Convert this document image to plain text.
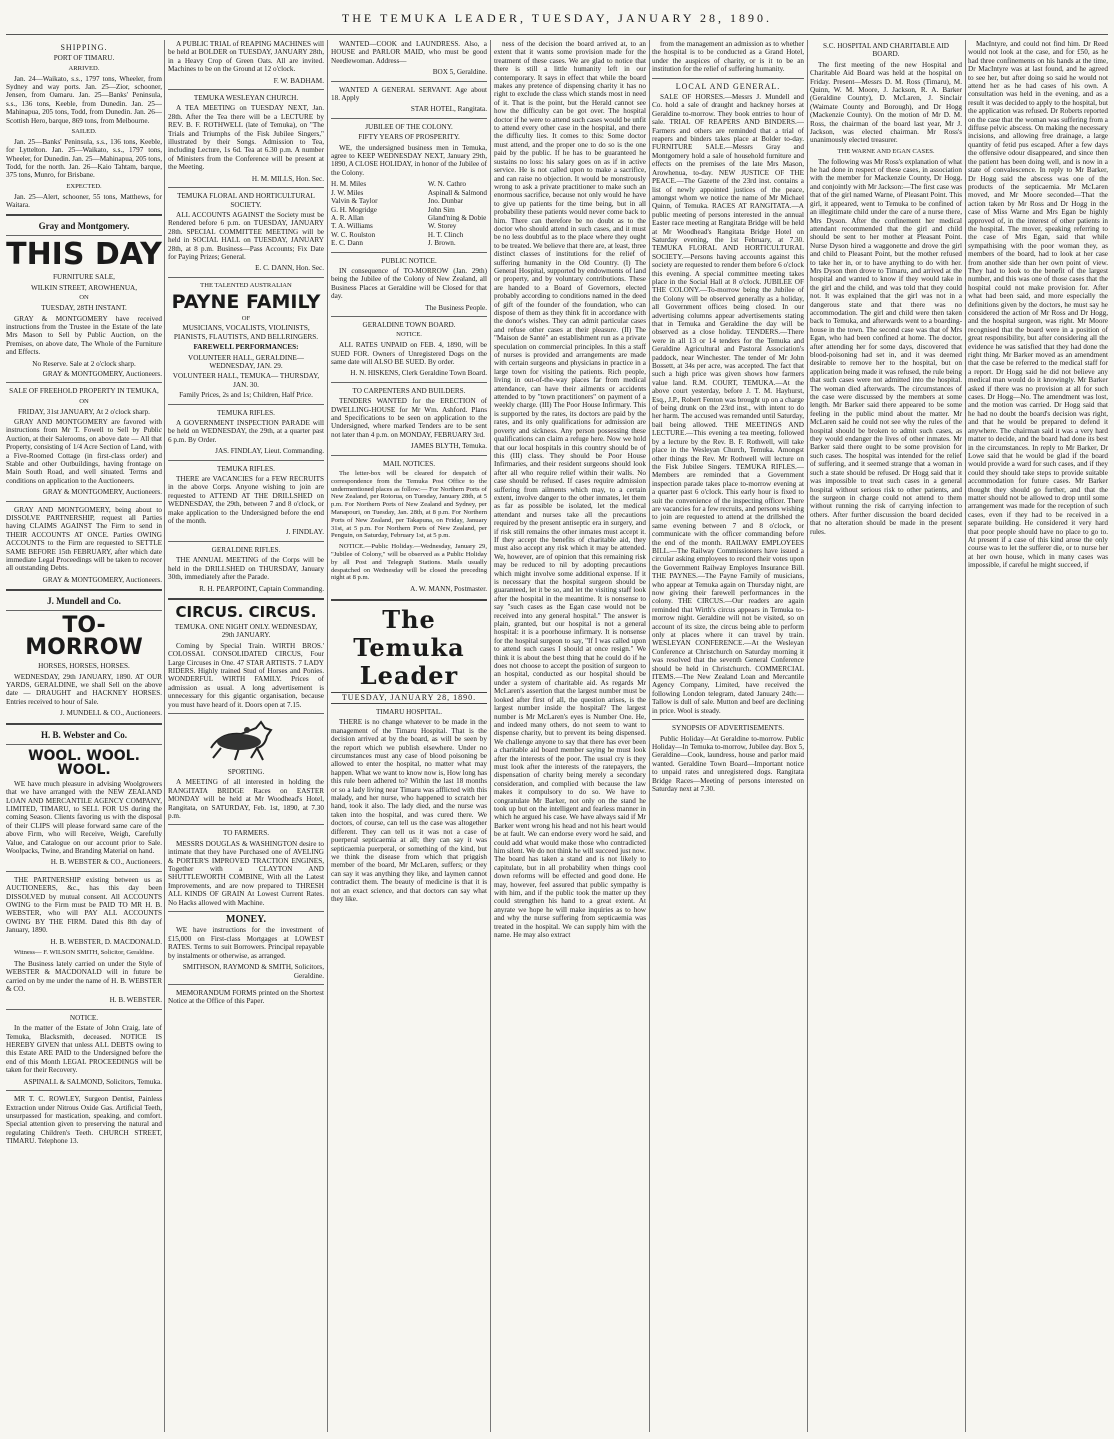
THE TEMUKA LEADER, TUESDAY, JANUARY 28, 1890.
SHIPPING.
PORT OF TIMARU.
ARRIVED.

Jan. 24—Waikato, s.s., 1797 tons, Wheeler, from Sydney and way ports. Jan. 25—Zior, schooner, Jensen, from Oamaru. Jan. 25—Banks' Peninsula, s.s., 136 tons, Keeble, from Dunedin. Jan. 25—Mahinapua, 205 tons, Todd, from Dunedin. Jan. 26—Scottish Hero, barque, 869 tons, from Melbourne.

SAILED.

Jan. 25—Banks' Peninsula, s.s., 136 tons, Keeble, for Lyttelton. Jan. 25—Waikato, s.s., 1797 tons, Wheeler, for Dunedin. Jan. 25—Mahinapua, 205 tons, Todd, for the north. Jan. 26—Kaio Tahtam, barque, 375 tons, Munro, for Brisbane.

EXPECTED.

Jan. 25—Alert, schooner, 55 tons, Matthews, for Waitara.

Gray and Montgomery.
THIS DAY
FURNITURE SALE,
WILKIN STREET, AROWHENUA,
ON
TUESDAY, 28TH INSTANT.

GRAY & MONTGOMERY have received instructions from the Trustee in the Estate of the late Mrs Mason to Sell by Public Auction, on the Premises, on above date, The Whole of the Furniture and Effects.

No Reserve. Sale at 2 o'clock sharp.
GRAY & MONTGOMERY, Auctioneers.
SALE OF FREEHOLD PROPERTY IN TEMUKA,
ON
FRIDAY, 31st JANUARY, At 2 o'clock sharp.

GRAY AND MONTGOMERY are favored with instructions from Mr T. Fowell to Sell by Public Auction, at their Salerooms, on above date — All that Property, consisting of 1/4 Acre Section of Land, with a Five-Roomed Cottage (in first-class order) and Stable and other Outbuildings, having frontage on Main South Road, and well situated. Terms and conditions on application to the Auctioneers.

GRAY & MONTGOMERY, Auctioneers.

GRAY AND MONTGOMERY, being about to DISSOLVE PARTNERSHIP, request all Parties having CLAIMS AGAINST The Firm to send in THEIR ACCOUNTS AT ONCE. Parties OWING ACCOUNTS to the Firm are requested to SETTLE SAME BEFORE 15th FEBRUARY, after which date immediate Legal Proceedings will be taken to recover all outstanding Debts.

GRAY & MONTGOMERY, Auctioneers.
J. Mundell and Co.
TO-MORROW
HORSES, HORSES, HORSES.

WEDNESDAY, 29th JANUARY, 1890. AT OUR YARDS, GERALDINE, we shall Sell on the above date — DRAUGHT and HACKNEY HORSES. Entries received to hour of Sale.

J. MUNDELL & CO., Auctioneers.
H. B. Webster and Co.
WOOL. WOOL. WOOL.

WE have much pleasure in advising Woolgrowers that we have arranged with the NEW ZEALAND LOAN AND MERCANTILE AGENCY COMPANY, LIMITED, TIMARU, to SELL FOR US during the coming Season. Clients favoring us with the disposal of their CLIPS will please forward same care of the above Firm, who will Receive, Weigh, Carefully Value, and Catalogue on our account prior to Sale. Woolpacks, Twine, and Branding Material on hand.

H. B. WEBSTER & CO., Auctioneers.

THE PARTNERSHIP existing between us as AUCTIONEERS, &c., has this day been DISSOLVED by mutual consent. All ACCOUNTS OWING to the Firm must be PAID TO MR H. B. WEBSTER, who will PAY ALL ACCOUNTS OWING BY THE FIRM. Dated this 8th day of January, 1890.

H. B. WEBSTER, D. MACDONALD.

Witness— F. WILSON SMITH, Solicitor, Geraldine.

The Business lately carried on under the Style of WEBSTER & MACDONALD will in future be carried on by me under the name of H. B. WEBSTER & CO.

H. B. WEBSTER.
NOTICE.

In the matter of the Estate of John Craig, late of Temuka, Blacksmith, deceased. NOTICE IS HEREBY GIVEN that unless ALL DEBTS owing to this Estate ARE PAID to the Undersigned before the end of this Month LEGAL PROCEEDINGS will be taken for their Recovery.

ASPINALL & SALMOND, Solicitors, Temuka.

MR T. C. ROWLEY, Surgeon Dentist, Painless Extraction under Nitrous Oxide Gas. Artificial Teeth, unsurpassed for mastication, speaking, and comfort. Special attention given to preserving the natural and regulating Children's Teeth. CHURCH STREET, TIMARU. Telephone 13.

A PUBLIC TRIAL of REAPING MACHINES will be held at BOLDER on TUESDAY, JANUARY 28th, in a Heavy Crop of Green Oats. All are invited. Machines to be on the Ground at 12 o'clock.

F. W. BADHAM.
TEMUKA WESLEYAN CHURCH.

A TEA MEETING on TUESDAY NEXT, Jan. 28th. After the Tea there will be a LECTURE by REV. B. F. ROTHWELL (late of Temuka), on "The Trials and Triumphs of the Fisk Jubilee Singers," illustrated by their Songs. Admission to Tea, including Lecture, 1s 6d. Tea at 6.30 p.m. A number of Ministers from the Conference will be present at the Meeting.

H. M. MILLS, Hon. Sec.
TEMUKA FLORAL AND HORTICULTURAL SOCIETY.

ALL ACCOUNTS AGAINST the Society must be Rendered before 6 p.m. on TUESDAY, JANUARY 28th. SPECIAL COMMITTEE MEETING will be held in SOCIAL HALL on TUESDAY, JANUARY 28th, at 8 p.m. Business—Pass Accounts; Fix Date for Paying Prizes; General.

E. C. DANN, Hon. Sec.
THE TALENTED AUSTRALIAN
PAYNE FAMILY
OF
MUSICIANS, VOCALISTS, VIOLINISTS, PIANISTS, FLAUTISTS, AND BELLRINGERS.
FAREWELL PERFORMANCES:
VOLUNTEER HALL, GERALDINE— WEDNESDAY, JAN. 29.
VOLUNTEER HALL, TEMUKA— THURSDAY, JAN. 30.
Family Prices, 2s and 1s; Children, Half Price.
TEMUKA RIFLES.

A GOVERNMENT INSPECTION PARADE will be held on WEDNESDAY, the 29th, at a quarter past 6 p.m. By Order.

JAS. FINDLAY, Lieut. Commanding.
TEMUKA RIFLES.

THERE are VACANCIES for a FEW RECRUITS in the above Corps. Anyone wishing to join are requested to ATTEND AT THE DRILLSHED on WEDNESDAY, the 29th, between 7 and 8 o'clock, or make application to the Undersigned before the end of the month.

J. FINDLAY.
GERALDINE RIFLES.

THE ANNUAL MEETING of the Corps will be held in the DRILLSHED on THURSDAY, January 30th, immediately after the Parade.

R. H. PEARPOINT, Captain Commanding.
CIRCUS. CIRCUS.
TEMUKA. ONE NIGHT ONLY. WEDNESDAY, 29th JANUARY.

Coming by Special Train. WIRTH BROS.' COLOSSAL CONSOLIDATED CIRCUS, Four Large Circuses in One. 47 STAR ARTISTS. 7 LADY RIDERS. Highly trained Stud of Horses and Ponies. WONDERFUL WIRTH FAMILY. Prices of admission as usual. A long advertisement is unnecessary for this gigantic organisation, because you must have heard of it. Doors open at 7.15.

SPORTING.

A MEETING of all interested in holding the RANGITATA BRIDGE Races on EASTER MONDAY will be held at Mr Woodhead's Hotel, Rangitata, on SATURDAY, Feb. 1st, 1890, at 7.30 p.m.

TO FARMERS.

MESSRS DOUGLAS & WASHINGTON desire to intimate that they have Purchased one of AVELING & PORTER'S IMPROVED TRACTION ENGINES, Together with a CLAYTON AND SHUTTLEWORTH COMBINE, With all the Latest Improvements, and are now prepared to THRESH ALL KINDS OF GRAIN At Lowest Current Rates. No Hacks allowed with Machine.

MONEY.

WE have instructions for the investment of £15,000 on First-class Mortgages at LOWEST RATES. Terms to suit Borrowers. Principal repayable by instalments or otherwise, as arranged.

SMITHSON, RAYMOND & SMITH, Solicitors, Geraldine.

MEMORANDUM FORMS printed on the Shortest Notice at the Office of this Paper.

WANTED—COOK and LAUNDRESS. Also, a HOUSE and PARLOR MAID, who must be good Needlewoman. Address—

BOX 5, Geraldine.

WANTED A GENERAL SERVANT. Age about 18. Apply

STAR HOTEL, Rangitata.
JUBILEE OF THE COLONY.
FIFTY YEARS OF PROSPERITY.

WE, the undersigned business men in Temuka, agree to KEEP WEDNESDAY NEXT, January 29th, 1890, A CLOSE HOLIDAY, in honor of the Jubilee of the Colony.

H. M. Miles
J. W. Miles
Valvin & Taylor
G. H. Mogridge
A. R. Allan
T. A. Williams
W. C. Roulston
E. C. Dann
W. N. Cathro
Aspinall & Salmond
Jno. Dunbar
John Sim
Gland'ning & Dobie
W. Storey
H. T. Clinch
J. Brown.
PUBLIC NOTICE.

IN consequence of TO-MORROW (Jan. 29th) being the Jubilee of the Colony of New Zealand, all Business Places at Geraldine will be Closed for that day.

The Business People.
GERALDINE TOWN BOARD.
NOTICE.

ALL RATES UNPAID on FEB. 4, 1890, will be SUED FOR. Owners of Unregistered Dogs on the same date will ALSO BE SUED. By order.

H. N. HISKENS, Clerk Geraldine Town Board.
TO CARPENTERS AND BUILDERS.

TENDERS WANTED for the ERECTION of DWELLING-HOUSE for Mr Wm. Ashford. Plans and Specifications to be seen on application to the Undersigned, where marked Tenders are to be sent not later than 4 p.m. on MONDAY, FEBRUARY 3rd.

JAMES BLYTH, Temuka.
MAIL NOTICES.

The letter-box will be cleared for despatch of correspondence from the Temuka Post Office to the undermentioned places as follow:— For Northern Ports of New Zealand, per Rotorua, on Tuesday, January 28th, at 5 p.m. For Northern Ports of New Zealand and Sydney, per Manapouri, on Tuesday, Jan. 28th, at 8 p.m. For Northern Ports of New Zealand, per Takapuna, on Friday, January 31st, at 5 p.m. For Northern Ports of New Zealand, per Penguin, on Saturday, February 1st, at 5 p.m.

NOTICE.—Public Holiday.—Wednesday, January 29, "Jubilee of Colony," will be observed as a Public Holiday by all Post and Telegraph Stations. Mails usually despatched on Wednesday will be closed the preceding night at 8 p.m.

A. W. MANN, Postmaster.
The Temuka Leader
TUESDAY, JANUARY 28, 1890.
TIMARU HOSPITAL.

THERE is no change whatever to be made in the management of the Timaru Hospital. That is the decision arrived at by the board, as will be seen by the report which we publish elsewhere. Under no circumstances must any case of blood poisoning be allowed to enter the hospital, no matter what may happen. What we want to know now is, How long has this rule been adhered to? Within the last 18 months or so a lady living near Timaru was afflicted with this malady, and her nurse, who happened to scratch her hand, took it also. The lady died, and the nurse was taken into the hospital, and was cured there. We doctors, of course, can tell us the case was altogether different. They can tell us it was not a case of puerperal septicaemia at all; they can say it was septicaemia puerperal, or something of the kind, but we think the disease from which that priggish member of the board, Mr McLaren, suffers; or they can say it was anything they like, and laymen cannot contradict them. The beauty of medicine is that it is not an exact science, and that doctors can say what they like.

ness of the decision the board arrived at, to an extent that it wants some provision made for the treatment of these cases. We are glad to notice that there is still a little humanity left in our contemporary. It says in effect that while the board makes any pretence of dispensing charity it has no right to exclude the class which stands most in need of it. That is the point, but the Herald cannot see how the difficulty can be got over. The hospital doctor if he were to attend such cases would be unfit to attend every other case in the hospital, and there the difficulty lies. It comes to this: Some doctor must attend, and the proper one to do so is the one paid by the public. If he has to be guaranteed he sustains no loss: his salary goes on as if in active service. He is not called upon to make a sacrifice, and can raise no objection. It would be monstrously wrong to ask a private practitioner to make such an enormous sacrifice, because not only would he have to give up patients for the time being, but in all probability these patients would never come back to him. There can therefore be no doubt as to the doctor who should attend in such cases, and it must be no less doubtful as to the place where they ought to be treated. We believe that there are, at least, three distinct classes of institutions for the relief of suffering humanity in the Old Country. (I) The General Hospital, supported by endowments of land or property, and by voluntary contributions. These are handed to a Board of Governors, elected probably according to conditions named in the deed of gift of the founder of the foundation, who can dispose of them as they think fit in accordance with the donor's wishes. They can admit particular cases and refuse other cases at their pleasure. (II) The "Maison de Santé" an establishment run as a private speculation on commercial principles. In this a staff of nurses is provided and arrangements are made with certain surgeons and physicians in practice in a large town for visiting the patients. Rich people, living in out-of-the-way places far from medical attendance, can have their ailments or accidents attended to by "town practitioners" on payment of a weekly charge. (III) The Poor House Infirmary. This is supported by the rates, its doctors are paid by the rates, and its only qualifications for admission are poverty and sickness. Any person possessing these qualifications can claim a refuge here. Now we hold that our local hospitals in this country should be of this (III) class. They should be Poor House Infirmaries, and their resident surgeons should look after all who require relief within their walls. No case should be refused. If cases require admission suffering from ailments which may, to a certain extent, involve danger to the other inmates, let them as far as possible be isolated, let the medical attendant and nurses take all the precautions required by the present antiseptic era in surgery, and if risk still remains the other inmates must accept it. If they accept the benefits of charitable aid, they must also accept any risk which it may be attended. We, however, are of opinion that this remaining risk may be reduced to nil by adopting precautions which might involve some additional expense. If it is necessary that the hospital surgeon should be guaranteed, let it be so, and let the visiting staff look after the hospital in the meantime. It is nonsense to say "such cases as the Egan case would not be received into any general hospital." The answer is plain, granted, but our hospital is not a general hospital: it is a poorhouse infirmary. It is nonsense for the hospital surgeon to say, "If I was called upon to attend such cases I should at once resign." We think it is about the best thing that he could do if he does not choose to accept the position of surgeon to an hospital, conducted as our hospital should be under a system of charitable aid. As regards Mr McLaren's assertion that the largest number must be looked after first of all, the question arises, is the largest number inside the hospital? The largest number is Mr McLaren's eyes is Number One. He, and indeed many others, do not seem to want to dispense charity, but to prevent its being dispensed. We challenge anyone to say that there has ever been a charitable aid board member saying he must look after the interests of the poor. The usual cry is they must look after the interests of the ratepayers, the dispensation of charity being merely a secondary consideration, and complied with because the law makes it compulsory to do so. We have to congratulate Mr Barker, not only on the stand he took up but on the intelligent and fearless manner in which he argued his case. We have always said if Mr Barker went wrong his head and not his heart would be at fault. We can endorse every word he said, and could add what would make those who contradicted him silent. We do not think he will succeed just now. The board has taken a stand and is not likely to capitulate, but in all probability when things cool down reforms will be effected and good done. He may, however, feel assured that public sympathy is with him, and if the public took the matter up they could strengthen his hand to a great extent. At anyrate we hope he will make inquiries as to how and why the nurse suffering from septicaemia was treated in the hospital. We can supply him with the name. He may also extract

from the management an admission as to whether the hospital is to be conducted as a Grand Hotel, under the auspices of charity, or is it to be an institution for the relief of suffering humanity.

LOCAL AND GENERAL.

SALE OF HORSES.—Messrs J. Mundell and Co. hold a sale of draught and hackney horses at Geraldine to-morrow. They book entries to hour of sale. TRIAL OF REAPERS AND BINDERS.—Farmers and others are reminded that a trial of reapers and binders takes place at Bolder to-day. FURNITURE SALE.—Messrs Gray and Montgomery hold a sale of household furniture and effects on the premises of the late Mrs Mason, Arowhenua, to-day. NEW JUSTICE OF THE PEACE.—The Gazette of the 23rd inst. contains a list of newly appointed justices of the peace, amongst whom we notice the name of Mr Michael Quinn, of Temuka. RACES AT RANGITATA.—A public meeting of persons interested in the annual Easter race meeting at Rangitata Bridge will be held at Mr Woodhead's Rangitata Bridge Hotel on Saturday evening, the 1st February, at 7.30. TEMUKA FLORAL AND HORTICULTURAL SOCIETY.—Persons having accounts against this society are requested to render them before 6 o'clock this evening. A special committee meeting takes place in the Social Hall at 8 o'clock. JUBILEE OF THE COLONY.—To-morrow being the Jubilee of the Colony will be observed generally as a holiday, all Government offices being closed. In our advertising columns appear advertisements stating that in Temuka and Geraldine the day will be observed as a close holiday. TENDERS.—There were in all 13 or 14 tenders for the Temuka and Geraldine Agricultural and Pastoral Association's paddock, near Winchester. The tender of Mr John Bossett, at 34s per acre, was accepted. The fact that such a high price was given shows how farmers value land. R.M. COURT, TEMUKA.—At the above court yesterday, before J. T. M. Hayhurst, Esq., J.P., Robert Fenton was brought up on a charge of being drunk on the 23rd inst., with intent to do her harm. The accused was remanded until Saturday, bail being allowed. THE MEETINGS AND LECTURE.—This evening a tea meeting, followed by a lecture by the Rev. B. F. Rothwell, will take place in the Wesleyan Church, Temuka. Amongst other things the Rev. Mr Rothwell will lecture on the Fisk Jubilee Singers. TEMUKA RIFLES.—Members are reminded that a Government inspection parade takes place to-morrow evening at a quarter past 6 o'clock. This early hour is fixed to suit the convenience of the inspecting officer. There are vacancies for a few recruits, and persons wishing to join are requested to attend at the drillshed the same evening between 7 and 8 o'clock, or communicate with the officer commanding before the end of the month. RAILWAY EMPLOYEES BILL.—The Railway Commissioners have issued a circular asking employees to record their votes upon the Government Railway Employes Insurance Bill. THE PAYNES.—The Payne Family of musicians, who appear at Temuka again on Thursday night, are now giving their farewell performances in the colony. THE CIRCUS.—Our readers are again reminded that Wirth's circus appears in Temuka to-morrow night. Geraldine will not be visited, so on account of its size, the circus being able to perform only at places where it can travel by train. WESLEYAN CONFERENCE.—At the Wesleyan Conference at Christchurch on Saturday morning it was resolved that the seventh General Conference should be held in Christchurch. COMMERCIAL ITEMS.—The New Zealand Loan and Mercantile Agency Company, Limited, have received the following London telegram, dated January 24th:—Tallow is dull of sale. Mutton and beef are declining in price. Wool is steady.

SYNOPSIS OF ADVERTISEMENTS.

Public Holiday—At Geraldine to-morrow. Public Holiday—In Temuka to-morrow, Jubilee day. Box 5, Geraldine—Cook, laundress, house and parlor maid wanted. Geraldine Town Board—Important notice to unpaid rates and unregistered dogs. Rangitata Bridge Races—Meeting of persons interested on Saturday next at 7.30.

S.C. HOSPITAL AND CHARITABLE AID BOARD.

The first meeting of the new Hospital and Charitable Aid Board was held at the hospital on Friday. Present—Messrs D. M. Ross (Timaru), M. Quinn, W. M. Moore, J. Jackson, R. A. Barker (Geraldine County), D. McLaren, J. Sinclair (Waimate County and Borough), and Dr Hogg (Mackenzie County). On the motion of Mr D. M. Ross, the chairman of the board last year, Mr J. Jackson, was elected chairman. Mr Ross's unanimously elected treasurer.

THE WARNE AND EGAN CASES.

The following was Mr Ross's explanation of what he had done in respect of these cases, in association with the member for Mackenzie County, Dr Hogg, and conjointly with Mr Jackson:—The first case was that of the girl named Warne, of Pleasant Point. This girl, it appeared, went to Temuka to be confined of an illegitimate child under the care of a nurse there, Mrs Dyson. After the confinement her medical attendant recommended that the girl and child should be sent to her mother at Pleasant Point. Nurse Dyson hired a waggonette and drove the girl and child to Pleasant Point, but the mother refused to take her in, or to have anything to do with her. Mrs Dyson then drove to Timaru, and arrived at the hospital and wanted to know if they would take in the girl and the child, and was told that they could not. It was explained that the girl was not in a dangerous state and that there was no accommodation. The girl and child were then taken back to Temuka, and afterwards went to a boarding-house in the town. The second case was that of Mrs Egan, who had been confined at home. The doctor, after attending her for some days, discovered that blood-poisoning had set in, and it was deemed desirable to remove her to the hospital, but on application being made it was refused, the rule being that such cases were not admitted into the hospital. The woman died afterwards. The circumstances of the case were discussed by the members at some length. Mr Barker said there appeared to be some feeling in the public mind about the matter. Mr McLaren said he could not see why the rules of the hospital should be broken to admit such cases, as they would endanger the lives of other inmates. Mr Barker said there ought to be some provision for such cases. The hospital was intended for the relief of suffering, and it seemed strange that a woman in such a state should be refused. Dr Hogg said that it was impossible to treat such cases in a general hospital without serious risk to other patients, and the surgeon in charge could not attend to them without running the risk of carrying infection to others. After further discussion the board decided that no alteration should be made in the present rules.

MacIntyre, and could not find him. Dr Reed would not look at the case, and for £50, as he had three confinements on his hands at the time, Dr MacIntyre was at last found, and he agreed to see her, but after doing so said he would not attend her as he had cases of his own. A consultation was held in the evening, and as a result it was decided to apply to the hospital, but the application was refused. Dr Roberts reported on the case that the woman was suffering from a diffuse pelvic abscess. On making the necessary incisions, and allowing free drainage, a large quantity of fetid pus escaped. After a few days the offensive odour disappeared, and since then the patient has been doing well, and is now in a state of convalescence. In reply to Mr Barker, Dr Hogg said the abscess was one of the products of the septicaemia. Mr McLaren moved, and Mr Moore seconded—That the action taken by Mr Ross and Dr Hogg in the case of Miss Warne and Mrs Egan be highly approved of, in the interest of other patients in the hospital. The mover, speaking referring to the case of Mrs Egan, said that while sympathising with the poor woman they, as members of the board, had to look at her case from another side than her own point of view. They had to look to the benefit of the largest number, and this was one of those cases that the hospital could not make provision for. After what had been said, and more especially the definitions given by the doctors, he must say he considered the action of Mr Ross and Dr Hogg, and the hospital surgeon, was right. Mr Moore recognised that the board were in a position of great responsibility, but after considering all the evidence he was satisfied that they had done the right thing. Mr Barker moved as an amendment that the case be referred to the medical staff for a report. Dr Hogg said he did not believe any medical man would do it knowingly. Mr Barker asked if there was no provision at all for such cases. Dr Hogg—No. The amendment was lost, and the motion was carried. Dr Hogg said that he had no doubt the board's decision was right, and that he would be prepared to defend it anywhere. The chairman said it was a very hard matter to decide, and the board had done its best in the circumstances. In reply to Mr Barker, Dr Lowe said that he would be glad if the board would provide a ward for such cases, and if they could they should take steps to provide suitable accommodation for future cases. Mr Barker thought they should go further, and that the matter should not be allowed to drop until some arrangement was made for the reception of such cases, even if they had to be received in a separate building. He considered it very hard that poor people should have no place to go to. At present if a case of this kind arose the only course was to let the sufferer die, or to nurse her at her own house, which in many cases was impossible, if careful he might succeed, if
